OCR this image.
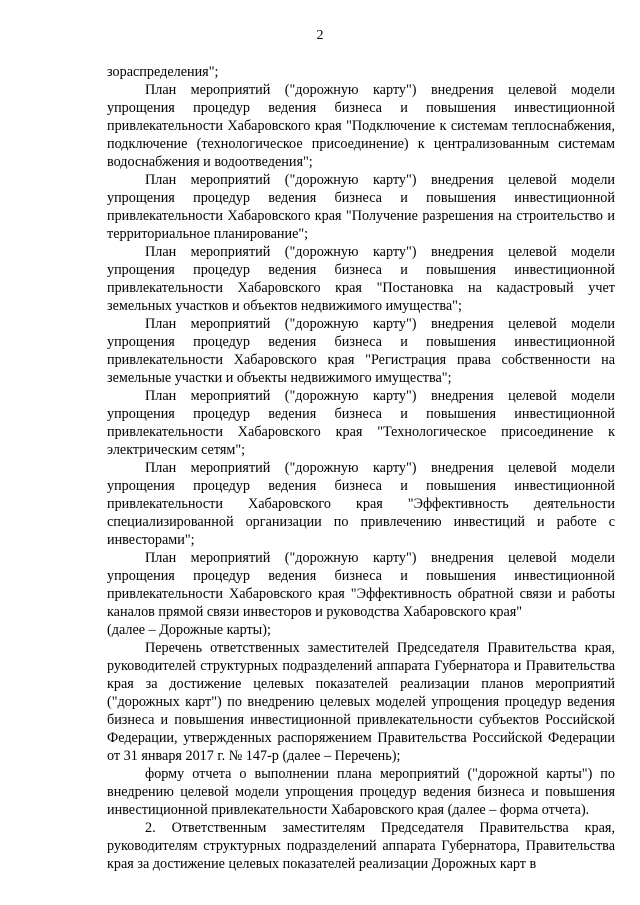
2

зораспределения";

План мероприятий ("дорожную карту") внедрения целевой модели упрощения процедур ведения бизнеса и повышения инвестиционной привлекательности Хабаровского края "Подключение к системам теплоснабжения, подключение (технологическое присоединение) к централизованным системам водоснабжения и водоотведения";

План мероприятий ("дорожную карту") внедрения целевой модели упрощения процедур ведения бизнеса и повышения инвестиционной привлекательности Хабаровского края "Получение разрешения на строительство и территориальное планирование";

План мероприятий ("дорожную карту") внедрения целевой модели упрощения процедур ведения бизнеса и повышения инвестиционной привлекательности Хабаровского края "Постановка на кадастровый учет земельных участков и объектов недвижимого имущества";

План мероприятий ("дорожную карту") внедрения целевой модели упрощения процедур ведения бизнеса и повышения инвестиционной привлекательности Хабаровского края "Регистрация права собственности на земельные участки и объекты недвижимого имущества";

План мероприятий ("дорожную карту") внедрения целевой модели упрощения процедур ведения бизнеса и повышения инвестиционной привлекательности Хабаровского края "Технологическое присоединение к электрическим сетям";

План мероприятий ("дорожную карту") внедрения целевой модели упрощения процедур ведения бизнеса и повышения инвестиционной привлекательности Хабаровского края "Эффективность деятельности специализированной организации по привлечению инвестиций и работе с инвесторами";

План мероприятий ("дорожную карту") внедрения целевой модели упрощения процедур ведения бизнеса и повышения инвестиционной привлекательности Хабаровского края "Эффективность обратной связи и работы каналов прямой связи инвесторов и руководства Хабаровского края"

(далее – Дорожные карты);

Перечень ответственных заместителей Председателя Правительства края, руководителей структурных подразделений аппарата Губернатора и Правительства края за достижение целевых показателей реализации планов мероприятий ("дорожных карт") по внедрению целевых моделей упрощения процедур ведения бизнеса и повышения инвестиционной привлекательности субъектов Российской Федерации, утвержденных распоряжением Правительства Российской Федерации от 31 января 2017 г. № 147-р (далее – Перечень);

форму отчета о выполнении плана мероприятий ("дорожной карты") по внедрению целевой модели упрощения процедур ведения бизнеса и повышения инвестиционной привлекательности Хабаровского края (далее – форма отчета).

2. Ответственным заместителям Председателя Правительства края, руководителям структурных подразделений аппарата Губернатора, Правительства края за достижение целевых показателей реализации Дорожных карт в
